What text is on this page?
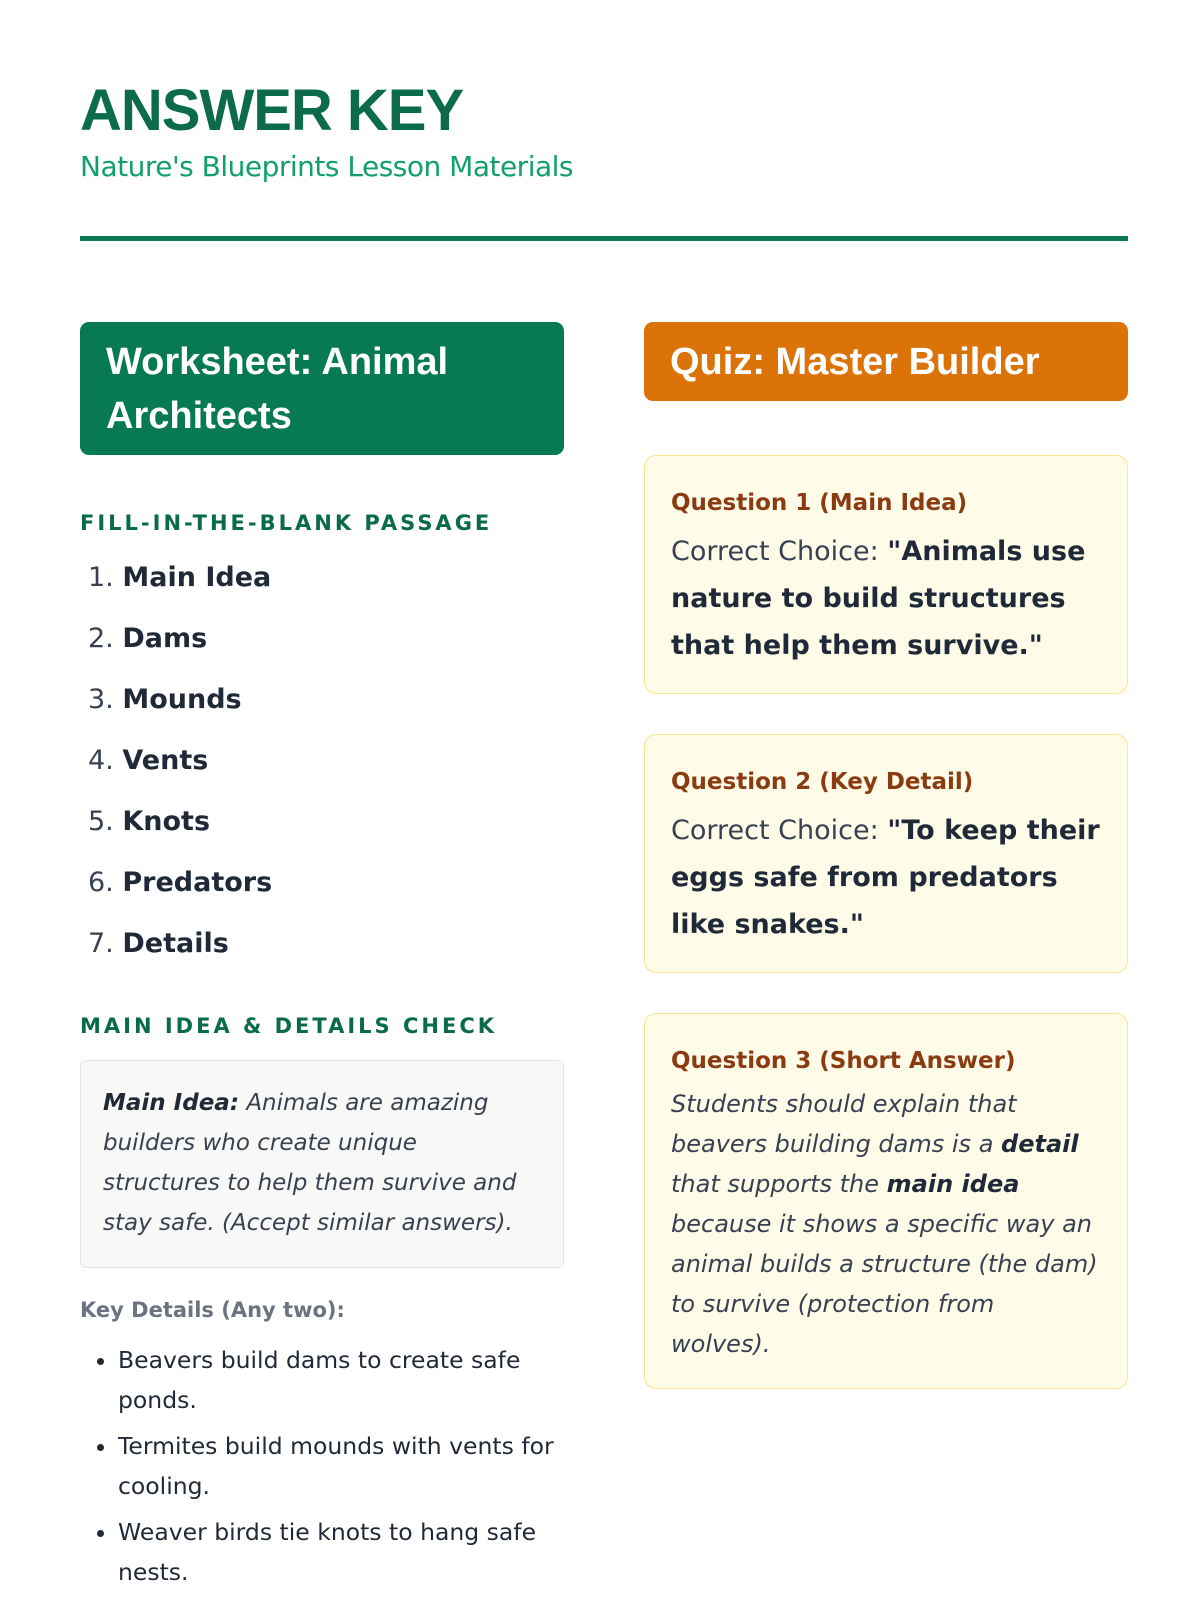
ANSWER KEY
Nature's Blueprints Lesson Materials
Worksheet: Animal Architects
FILL-IN-THE-BLANK PASSAGE
1. Main Idea
2. Dams
3. Mounds
4. Vents
5. Knots
6. Predators
7. Details
MAIN IDEA & DETAILS CHECK
Main Idea: Animals are amazing builders who create unique structures to help them survive and stay safe. (Accept similar answers).
Key Details (Any two):
• Beavers build dams to create safe ponds.
• Termites build mounds with vents for cooling.
• Weaver birds tie knots to hang safe nests.
Quiz: Master Builder
Question 1 (Main Idea)
Correct Choice: "Animals use nature to build structures that help them survive."
Question 2 (Key Detail)
Correct Choice: "To keep their eggs safe from predators like snakes."
Question 3 (Short Answer)
Students should explain that beavers building dams is a detail that supports the main idea because it shows a specific way an animal builds a structure (the dam) to survive (protection from wolves).
